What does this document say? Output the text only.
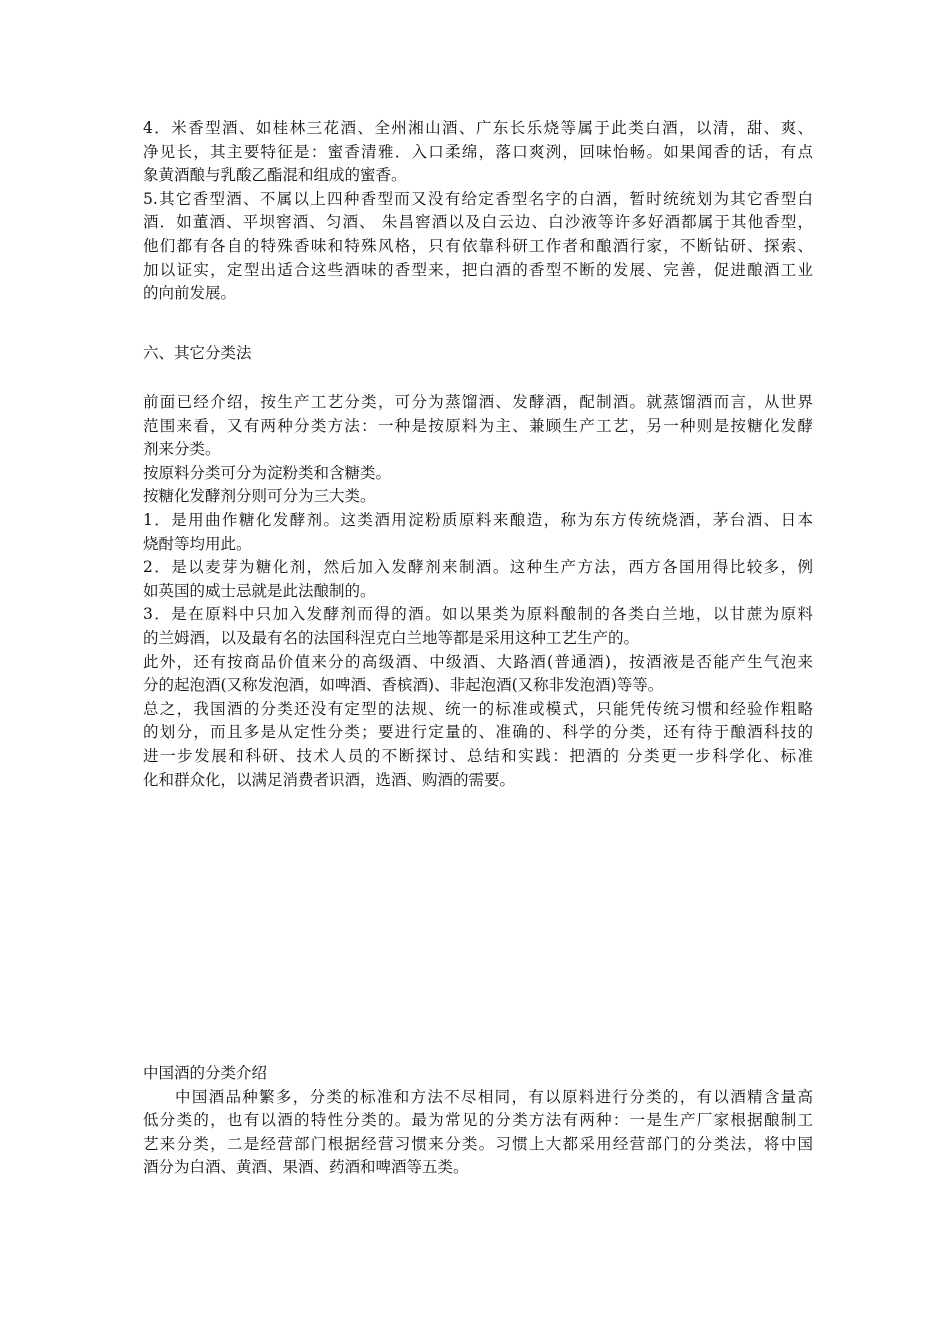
4．米香型酒、如桂林三花酒、全州湘山酒、广东长乐烧等属于此类白酒，以清，甜、爽、
净见长，其主要特征是：蜜香清雅．入口柔绵，落口爽洌，回味怡畅。如果闻香的话，有点
象黄酒酿与乳酸乙酯混和组成的蜜香。
5.其它香型酒、不属以上四种香型而又没有给定香型名字的白酒，暂时统统划为其它香型白
酒．如董酒、平坝窖酒、匀酒、 朱昌窖酒以及白云边、白沙液等许多好酒都属于其他香型，
他们都有各自的特殊香味和特殊风格，只有依靠科研工作者和酿酒行家，不断钻研、探索、
加以证实，定型出适合这些酒味的香型来，把白酒的香型不断的发展、完善，促进酿酒工业
的向前发展。
六、其它分类法
前面已经介绍，按生产工艺分类，可分为蒸馏酒、发酵酒，配制酒。就蒸馏酒而言，从世界
范围来看，又有两种分类方法：一种是按原料为主、兼顾生产工艺，另一种则是按糖化发酵
剂来分类。
按原料分类可分为淀粉类和含糖类。
按糖化发酵剂分则可分为三大类。
1．是用曲作糖化发酵剂。这类酒用淀粉质原料来酿造，称为东方传统烧酒，茅台酒、日本
烧酎等均用此。
2．是以麦芽为糖化剂，然后加入发酵剂来制酒。这种生产方法，西方各国用得比较多，例
如英国的威士忌就是此法酿制的。
3．是在原料中只加入发酵剂而得的酒。如以果类为原料酿制的各类白兰地，以甘蔗为原料
的兰姆酒，以及最有名的法国科涅克白兰地等都是采用这种工艺生产的。
此外，还有按商品价值来分的高级酒、中级酒、大路酒(普通酒)，按酒液是否能产生气泡来
分的起泡酒(又称发泡酒，如啤酒、香槟酒)、非起泡酒(又称非发泡酒)等等。
总之，我国酒的分类还没有定型的法规、统一的标准或模式，只能凭传统习惯和经验作粗略
的划分，而且多是从定性分类；要进行定量的、准确的、科学的分类，还有待于酿酒科技的
进一步发展和科研、技术人员的不断探讨、总结和实践：把酒的 分类更一步科学化、标准
化和群众化，以满足消费者识酒，选酒、购酒的需要。
中国酒的分类介绍
中国酒品种繁多，分类的标准和方法不尽相同，有以原料进行分类的，有以酒精含量高
低分类的，也有以酒的特性分类的。最为常见的分类方法有两种：一是生产厂家根据酿制工
艺来分类，二是经营部门根据经营习惯来分类。习惯上大都采用经营部门的分类法，将中国
酒分为白酒、黄酒、果酒、药酒和啤酒等五类。
